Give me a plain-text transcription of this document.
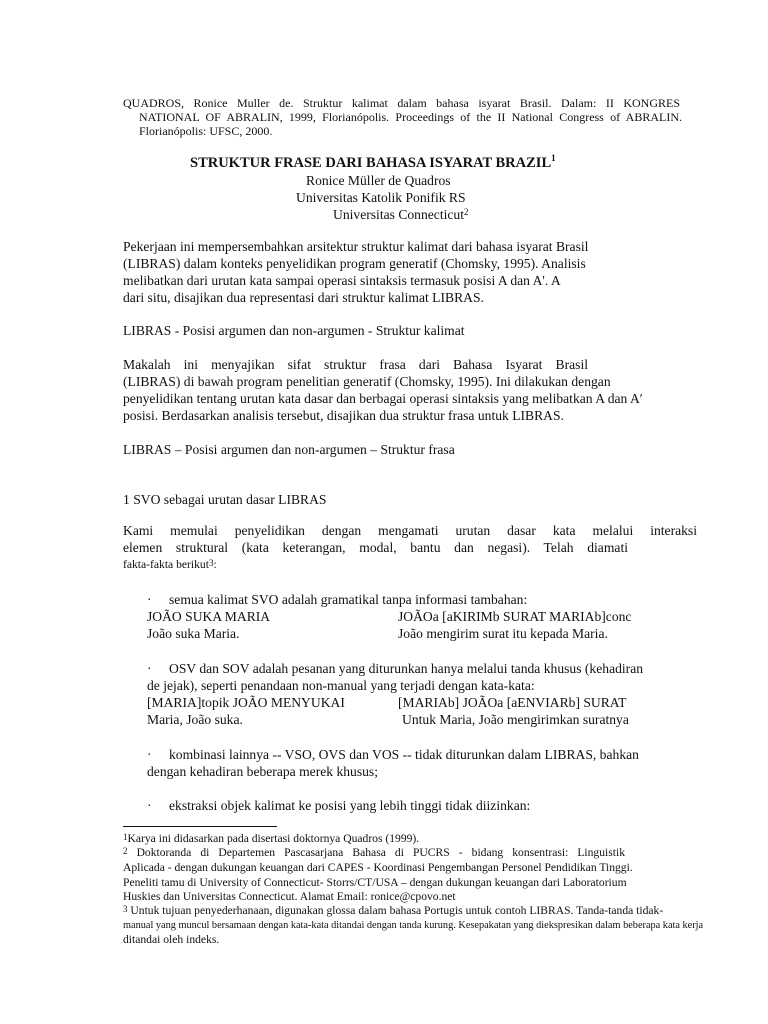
QUADROS, Ronice Muller de. Struktur kalimat dalam bahasa isyarat Brasil. Dalam: II KONGRES
NATIONAL OF ABRALIN, 1999, Florianópolis. Proceedings of the II National Congress of ABRALIN.
Florianópolis: UFSC, 2000.
STRUKTUR FRASE DARI BAHASA ISYARAT BRAZIL$^1$
Ronice Müller de Quadros
Universitas Katolik Ponifik RS
Universitas Connecticut$^2$
Pekerjaan ini mempersembahkan arsitektur struktur kalimat dari bahasa isyarat Brasil
(LIBRAS) dalam konteks penyelidikan program generatif (Chomsky, 1995). Analisis
melibatkan dari urutan kata sampai operasi sintaksis termasuk posisi A dan A'. A
dari situ, disajikan dua representasi dari struktur kalimat LIBRAS.
LIBRAS - Posisi argumen dan non-argumen - Struktur kalimat
Makalah ini menyajikan sifat struktur frasa dari Bahasa Isyarat Brasil
(LIBRAS) di bawah program penelitian generatif (Chomsky, 1995). Ini dilakukan dengan
penyelidikan tentang urutan kata dasar dan berbagai operasi sintaksis yang melibatkan A dan A′
posisi. Berdasarkan analisis tersebut, disajikan dua struktur frasa untuk LIBRAS.
LIBRAS – Posisi argumen dan non-argumen – Struktur frasa
1 SVO sebagai urutan dasar LIBRAS
Kami memulai penyelidikan dengan mengamati urutan dasar kata melalui interaksi
elemen struktural (kata keterangan, modal, bantu dan negasi). Telah diamati
fakta-fakta berikut$^3$:
· semua kalimat SVO adalah gramatikal tanpa informasi tambahan:
JOÃO SUKA MARIA	JOÃOa [aKIRIMb SURAT MARIAb]conc
João suka Maria.	João mengirim surat itu kepada Maria.
· OSV dan SOV adalah pesanan yang diturunkan hanya melalui tanda khusus (kehadiran
de jejak), seperti penandaan non-manual yang terjadi dengan kata-kata:
[MARIA]topik JOÃO MENYUKAI	[MARIAb] JOÃOa [aENVIARb] SURAT
Maria, João suka.	Untuk Maria, João mengirimkan suratnya
· kombinasi lainnya -- VSO, OVS dan VOS -- tidak diturunkan dalam LIBRAS, bahkan
dengan kehadiran beberapa merek khusus;
· ekstraksi objek kalimat ke posisi yang lebih tinggi tidak diizinkan:
$^1$Karya ini didasarkan pada disertasi doktornya Quadros (1999).
$^2$ Doktoranda di Departemen Pascasarjana Bahasa di PUCRS - bidang konsentrasi: Linguistik
Aplicada - dengan dukungan keuangan dari CAPES - Koordinasi Pengembangan Personel Pendidikan Tinggi.
Peneliti tamu di University of Connecticut- Storrs/CT/USA – dengan dukungan keuangan dari Laboratorium
Huskies dan Universitas Connecticut. Alamat Email: ronice@cpovo.net
$^3$ Untuk tujuan penyederhanaan, digunakan glossa dalam bahasa Portugis untuk contoh LIBRAS. Tanda-tanda tidak-
manual yang muncul bersamaan dengan kata-kata ditandai dengan tanda kurung. Kesepakatan yang diekspresikan dalam beberapa kata kerja
ditandai oleh indeks.
